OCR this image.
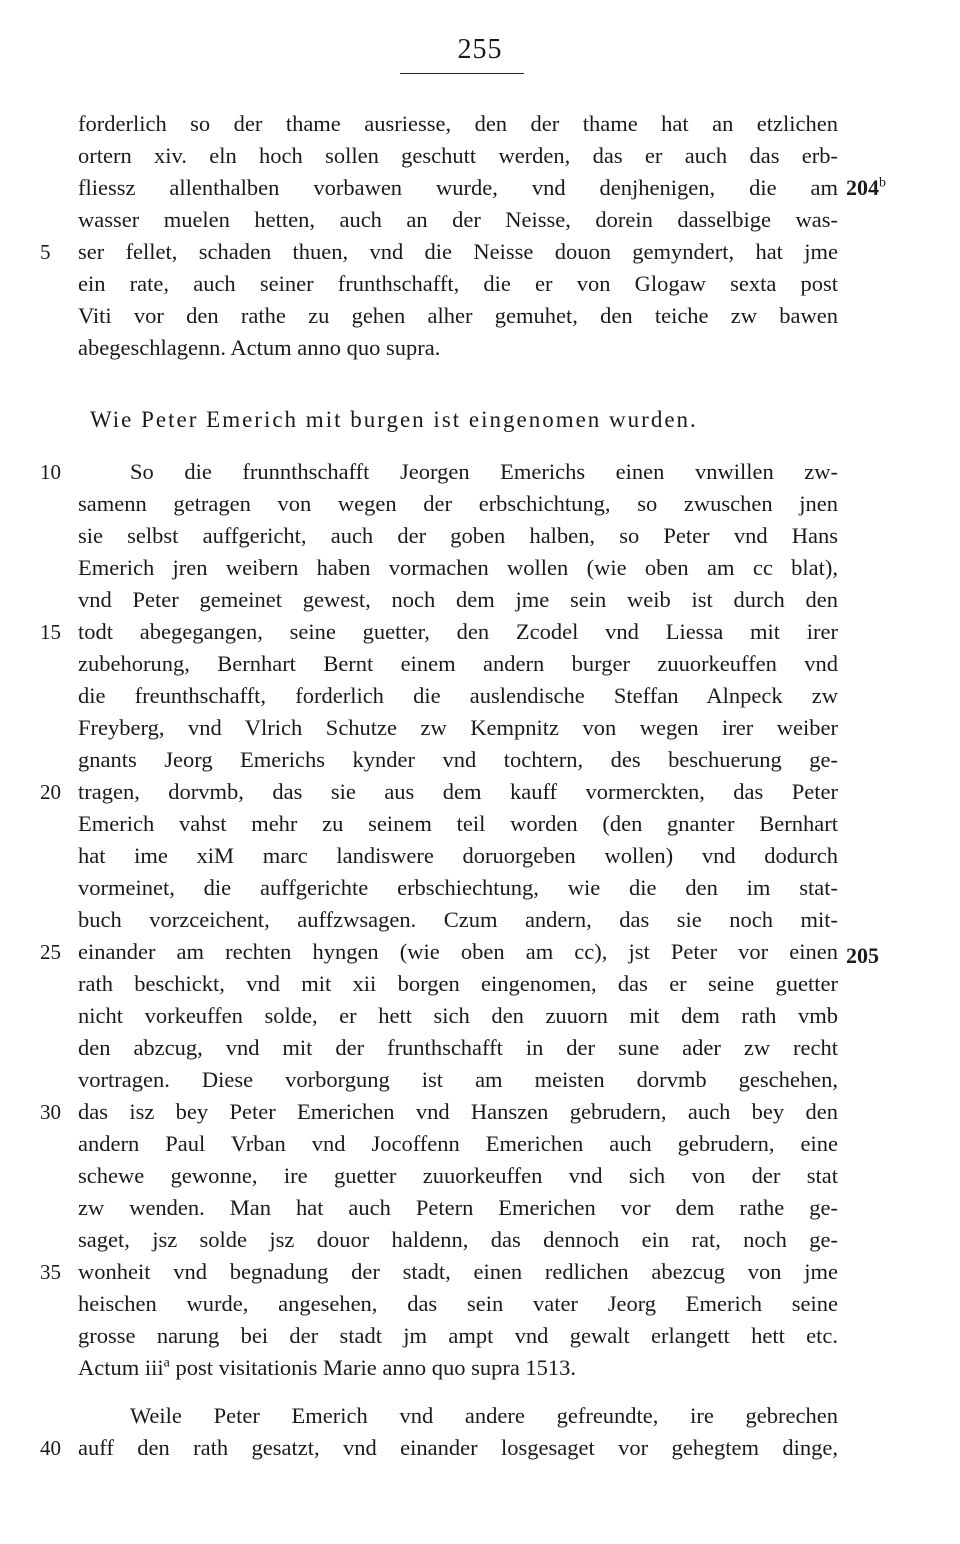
255
forderlich so der thame ausriesse, den der thame hat an etzlichen
ortern xiv. eln hoch sollen geschutt werden, das er auch das erb-
fliessz allenthalben vorbawen wurde, vnd denjhenigen, die am
wasser muelen hetten, auch an der Neisse, dorein dasselbige was-
ser fellet, schaden thuen, vnd die Neisse douon gemyndert, hat jme
ein rate, auch seiner frunthschafft, die er von Glogaw sexta post
Viti vor den rathe zu gehen alher gemuhet, den teiche zw bawen
abegeschlagenn. Actum anno quo supra.
Wie Peter Emerich mit burgen ist eingenomen wurden.
So die frunnthschafft Jeorgen Emerichs einen vnwillen zw-
samenn getragen von wegen der erbschichtung, so zwuschen jnen
sie selbst auffgericht, auch der goben halben, so Peter vnd Hans
Emerich jren weibern haben vormachen wollen (wie oben am cc blat),
vnd Peter gemeinet gewest, noch dem jme sein weib ist durch den
todt abegegangen, seine guetter, den Zcodel vnd Liessa mit irer
zubehorung, Bernhart Bernt einem andern burger zuuorkeuffen vnd
die freunthschafft, forderlich die auslendische Steffan Alnpeck zw
Freyberg, vnd Vlrich Schutze zw Kempnitz von wegen irer weiber
gnants Jeorg Emerichs kynder vnd tochtern, des beschuerung ge-
tragen, dorvmb, das sie aus dem kauff vormerckten, das Peter
Emerich vahst mehr zu seinem teil worden (den gnanter Bernhart
hat ime xiM marc landiswere doruorgeben wollen) vnd dodurch
vormeinet, die auffgerichte erbschiechtung, wie die den im stat-
buch vorzceichent, auffzwsagen. Czum andern, das sie noch mit-
einander am rechten hyngen (wie oben am cc), jst Peter vor einen
rath beschickt, vnd mit xii borgen eingenomen, das er seine guetter
nicht vorkeuffen solde, er hett sich den zuuorn mit dem rath vmb
den abzcug, vnd mit der frunthschafft in der sune ader zw recht
vortragen. Diese vorborgung ist am meisten dorvmb geschehen,
das isz bey Peter Emerichen vnd Hanszen gebrudern, auch bey den
andern Paul Vrban vnd Jocoffenn Emerichen auch gebrudern, eine
schewe gewonne, ire guetter zuuorkeuffen vnd sich von der stat
zw wenden. Man hat auch Petern Emerichen vor dem rathe ge-
saget, jsz solde jsz douor haldenn, das dennoch ein rat, noch ge-
wonheit vnd begnadung der stadt, einen redlichen abezcug von jme
heischen wurde, angesehen, das sein vater Jeorg Emerich seine
grosse narung bei der stadt jm ampt vnd gewalt erlangett hett etc.
Actum iii$^a$ post visitationis Marie anno quo supra 1513.
Weile Peter Emerich vnd andere gefreundte, ire gebrechen
auff den rath gesatzt, vnd einander losgesaget vor gehegtem dinge,
5
10
15
20
25
30
35
40
204$^b$
205
